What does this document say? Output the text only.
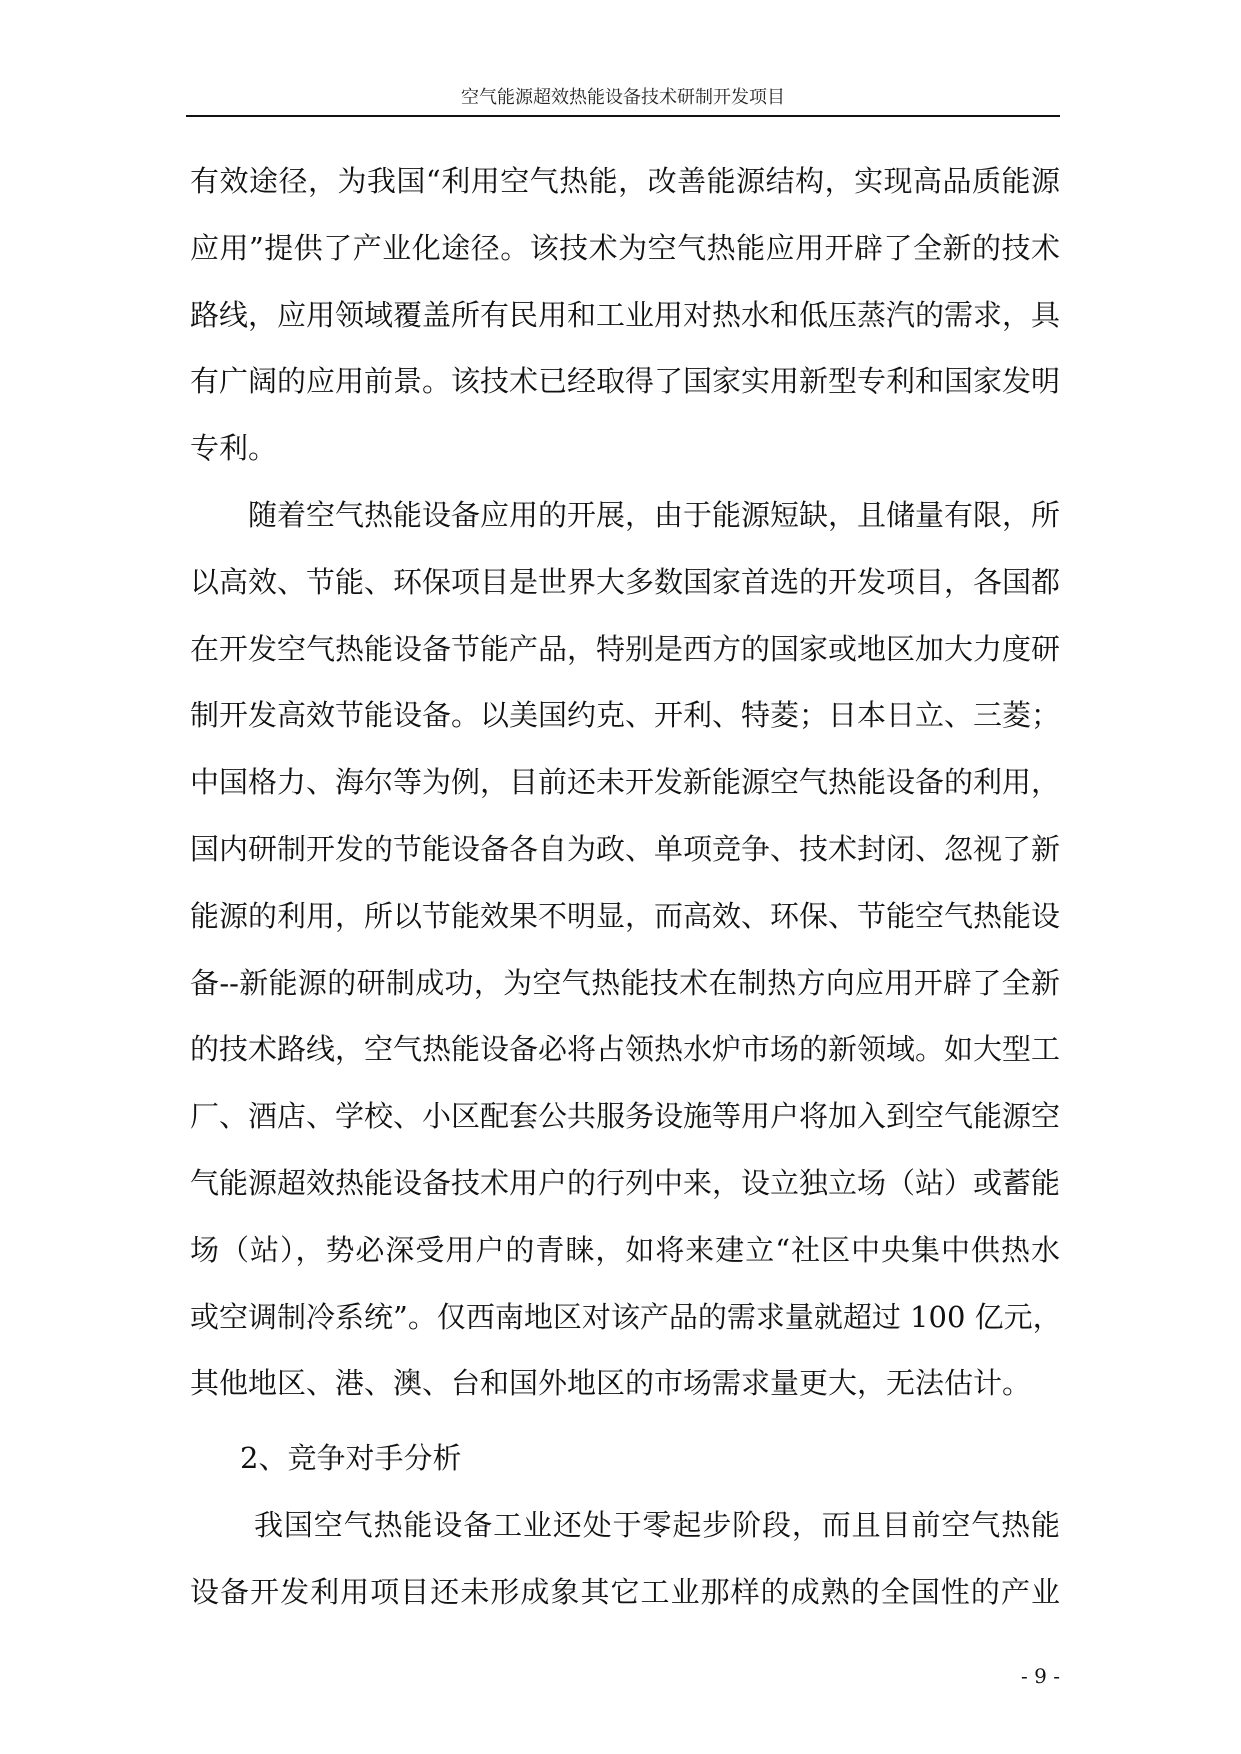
空气能源超效热能设备技术研制开发项目
有效途径，为我国“利用空气热能，改善能源结构，实现高品质能源
应用”提供了产业化途径。该技术为空气热能应用开辟了全新的技术
路线，应用领域覆盖所有民用和工业用对热水和低压蒸汽的需求，具
有广阔的应用前景。该技术已经取得了国家实用新型专利和国家发明
专利。
随着空气热能设备应用的开展，由于能源短缺，且储量有限，所
以高效、节能、环保项目是世界大多数国家首选的开发项目，各国都
在开发空气热能设备节能产品，特别是西方的国家或地区加大力度研
制开发高效节能设备。以美国约克、开利、特菱；日本日立、三菱；
中国格力、海尔等为例，目前还未开发新能源空气热能设备的利用，
国内研制开发的节能设备各自为政、单项竞争、技术封闭、忽视了新
能源的利用，所以节能效果不明显，而高效、环保、节能空气热能设
备--新能源的研制成功，为空气热能技术在制热方向应用开辟了全新
的技术路线，空气热能设备必将占领热水炉市场的新领域。如大型工
厂、酒店、学校、小区配套公共服务设施等用户将加入到空气能源空
气能源超效热能设备技术用户的行列中来，设立独立场（站）或蓄能
场（站），势必深受用户的青睐，如将来建立“社区中央集中供热水
或空调制冷系统”。仅西南地区对该产品的需求量就超过 100 亿元，
其他地区、港、澳、台和国外地区的市场需求量更大，无法估计。
2、竞争对手分析
我国空气热能设备工业还处于零起步阶段，而且目前空气热能
设备开发利用项目还未形成象其它工业那样的成熟的全国性的产业
- 9 -
